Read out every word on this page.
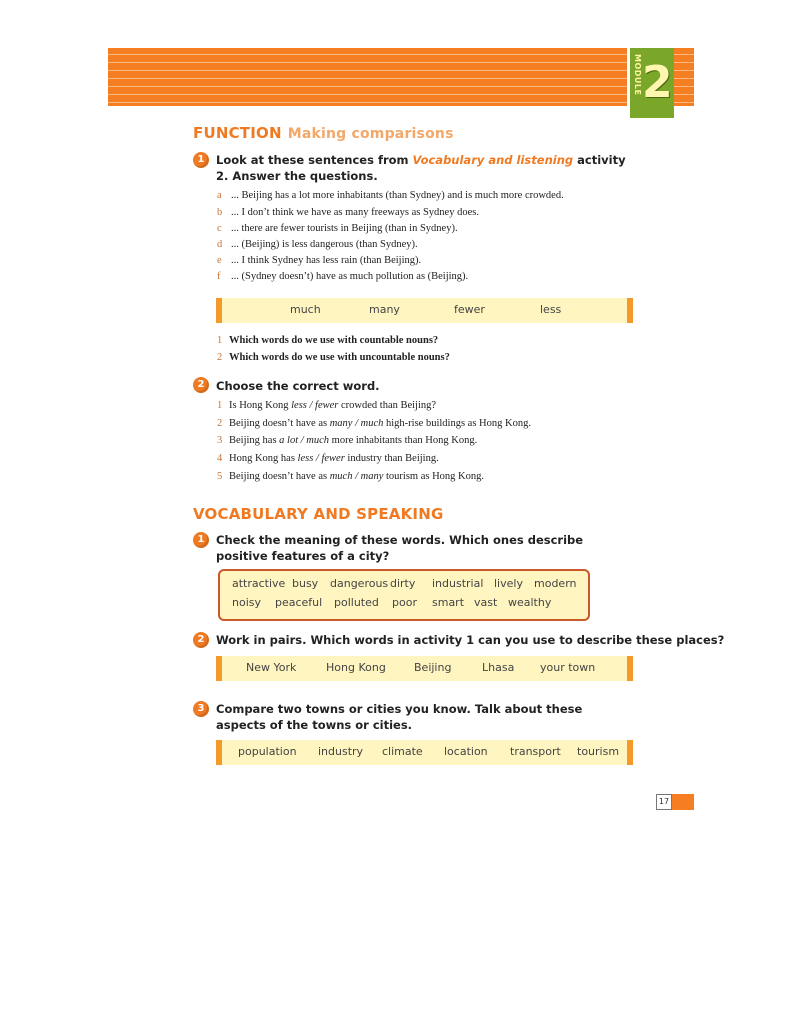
MODULE 2
FUNCTION Making comparisons
1	Look at these sentences from Vocabulary and listening activity 2. Answer the questions.
a ... Beijing has a lot more inhabitants (than Sydney) and is much more crowded.
b ... I don’t think we have as many freeways as Sydney does.
c ... there are fewer tourists in Beijing (than in Sydney).
d ... (Beijing) is less dangerous (than Sydney).
e ... I think Sydney has less rain (than Beijing).
f ... (Sydney doesn’t) have as much pollution as (Beijing).
much	many	fewer	less
1 Which words do we use with countable nouns?
2 Which words do we use with uncountable nouns?
2	Choose the correct word.
1 Is Hong Kong less / fewer crowded than Beijing?
2 Beijing doesn’t have as many / much high-rise buildings as Hong Kong.
3 Beijing has a lot / much more inhabitants than Hong Kong.
4 Hong Kong has less / fewer industry than Beijing.
5 Beijing doesn’t have as much / many tourism as Hong Kong.
VOCABULARY AND SPEAKING
1	Check the meaning of these words. Which ones describe positive features of a city?
attractive busy dangerous dirty industrial lively modern
noisy peaceful polluted poor smart vast wealthy
2	Work in pairs. Which words in activity 1 can you use to describe these places?
New York	Hong Kong	Beijing	Lhasa your town
3	Compare two towns or cities you know. Talk about these aspects of the towns or cities.
population industry climate location transport tourism
17
